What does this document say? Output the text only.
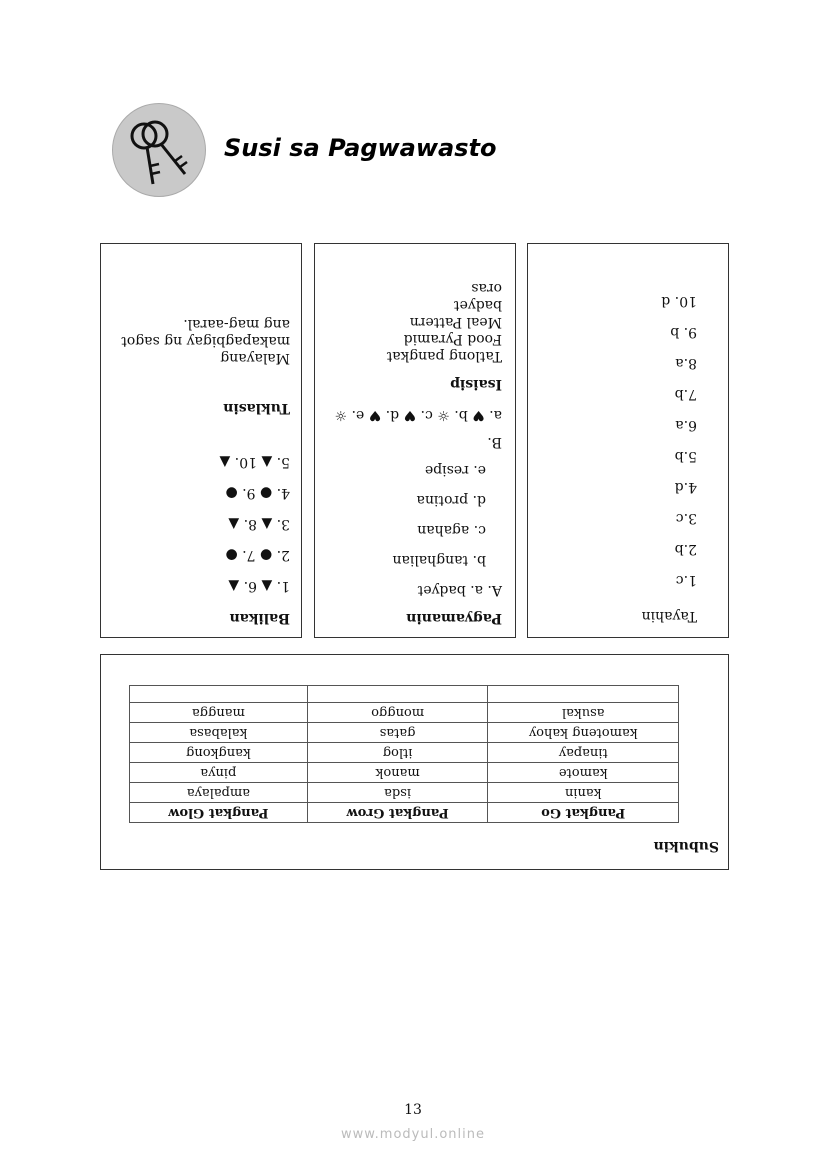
Susi sa Pagwawasto
Tayahin
1.c
2.b
3.c
4.d
5.b
6.a
7.b
8.a
9. b
10. d
Pagyamanin
A. a. badyet
b. tanghalian
c. agahan
d. protina
e. resipe
B.
a. ♥ b. ☼ c. ♥ d. ♥ e. ☼
Isaisip
Tatlong pangkat
Food Pyramid
Meal Pattern
badyet
oras
Balikan
1. ▲ 6. ▲
2. ● 7. ●
3. ▲ 8. ▲
4. ● 9. ●
5. ▲ 10. ▲
Tuklasin
Malayang
makapagbigay ng sagot
ang mag-aaral.
Subukin
Pangkat Go	Pangkat Grow	Pangkat Glow
kanin	isda	ampalaya
kamote	manok	pinya
tinapay	itlog	kangkong
kamoteng kahoy	gatas	kalabasa
asukal	monggo	mangga

13
www.modyul.online
